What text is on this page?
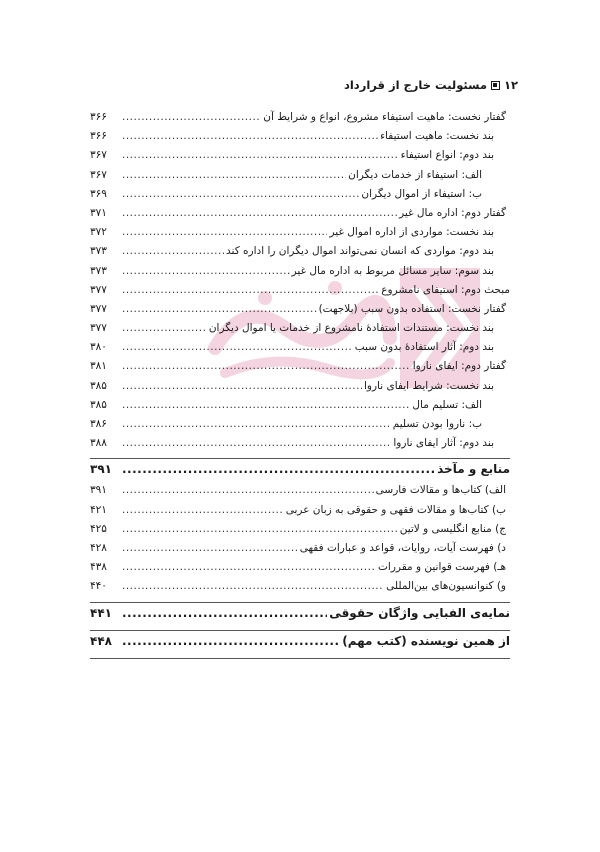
۱۲
مسئولیت خارج از قرارداد
گفتار نخست: ماهیت استیفاء مشروع، انواع و شرایط آن
.....
۳۶۶
بند نخست: ماهیت استیفاء
.....
۳۶۶
بند دوم: انواع استیفاء
.....
۳۶۷
الف: استیفاء از خدمات دیگران
.....
۳۶۷
ب: استیفاء از اموال دیگران
.....
۳۶۹
گفتار دوم: اداره مال غیر
.....
۳۷۱
بند نخست: مواردی از اداره اموال غیر
.....
۳۷۲
بند دوم: مواردی که انسان نمی‌تواند اموال دیگران را اداره کند
.....
۳۷۳
بند سوم: سایر مسائل مربوط به اداره مال غیر
.....
۳۷۳
مبحث دوم: استیفای نامشروع
.....
۳۷۷
گفتار نخست: استفاده بدون سبب (بلاجهت)
.....
۳۷۷
بند نخست: مستندات استفادهٔ نامشروع از خدمات یا اموال دیگران
.....
۳۷۷
بند دوم: آثار استفادهٔ بدون سبب
.....
۳۸۰
گفتار دوم: ایفای ناروا
.....
۳۸۱
بند نخست: شرایط ایفای ناروا
.....
۳۸۵
الف: تسلیم مال
.....
۳۸۵
ب: ناروا بودن تسلیم
.....
۳۸۶
بند دوم: آثار ایفای ناروا
.....
۳۸۸
منابع و مآخذ
.....
۳۹۱
الف) کتاب‌ها و مقالات فارسی
.....
۳۹۱
ب) کتاب‌ها و مقالات فقهی و حقوقی به زبان عربی
.....
۴۲۱
ج) منابع انگلیسی و لاتین
.....
۴۲۵
د) فهرست آیات، روایات، قواعد و عبارات فقهی
.....
۴۲۸
هـ) فهرست قوانین و مقررات
.....
۴۳۸
و) کنوانسیون‌های بین‌المللی
.....
۴۴۰
نمایه‌ی الفبایی واژگان حقوقی
.....
۴۴۱
از همین نویسنده (کتب مهم)
.....
۴۴۸
